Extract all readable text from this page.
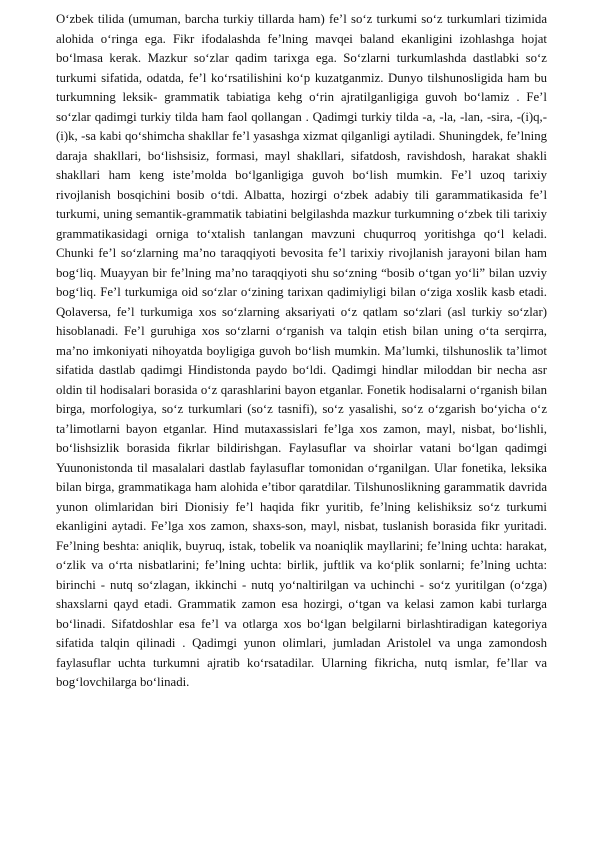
O‘zbek tilida (umuman, barcha turkiy tillarda ham) fe’l so‘z turkumi so‘z turkumlari tizimida alohida o‘ringa ega. Fikr ifodalashda fe’lning mavqei baland ekanligini izohlashga hojat bo‘lmasa kerak. Mazkur so‘zlar qadim tarixga ega. So‘zlarni turkumlashda dastlabki so‘z turkumi sifatida, odatda, fe’l ko‘rsatilishini ko‘p kuzatganmiz. Dunyo tilshunosligida ham bu turkumning leksik- grammatik tabiatiga kehg o‘rin ajratilganligiga guvoh bo‘lamiz . Fe’l so‘zlar qadimgi turkiy tilda ham faol qollangan . Qadimgi turkiy tilda -a, -la, -lan, -sira, -(i)q,-(i)k, -sa kabi qo‘shimcha shakllar fe’l yasashga xizmat qilganligi aytiladi. Shuningdek, fe’lning daraja shakllari, bo‘lishsisiz, formasi, mayl shakllari, sifatdosh, ravishdosh, harakat shakli shakllari ham keng iste’molda bo‘lganligiga guvoh bo‘lish mumkin. Fe’l uzoq tarixiy rivojlanish bosqichini bosib o‘tdi. Albatta, hozirgi o‘zbek adabiy tili garammatikasida fe’l turkumi, uning semantik-grammatik tabiatini belgilashda mazkur turkumning o‘zbek tili tarixiy grammatikasidagi orniga to‘xtalish tanlangan mavzuni chuqurroq yoritishga qo‘l keladi. Chunki fe’l so‘zlarning ma’no taraqqiyoti bevosita fe’l tarixiy rivojlanish jarayoni bilan ham bog‘liq. Muayyan bir fe’lning ma’no taraqqiyoti shu so‘zning “bosib o‘tgan yo‘li” bilan uzviy bog‘liq. Fe’l turkumiga oid so‘zlar o‘zining tarixan qadimiyligi bilan o‘ziga xoslik kasb etadi. Qolaversa, fe’l turkumiga xos so‘zlarning aksariyati o‘z qatlam so‘zlari (asl turkiy so‘zlar) hisoblanadi. Fe’l guruhiga xos so‘zlarni o‘rganish va talqin etish bilan uning o‘ta serqirra, ma’no imkoniyati nihoyatda boyligiga guvoh bo‘lish mumkin. Ma’lumki, tilshunoslik ta’limot sifatida dastlab qadimgi Hindistonda paydo bo‘ldi. Qadimgi hindlar miloddan bir necha asr oldin til hodisalari borasida o‘z qarashlarini bayon etganlar. Fonetik hodisalarni o‘rganish bilan birga, morfologiya, so‘z turkumlari (so‘z tasnifi), so‘z yasalishi, so‘z o‘zgarish bo‘yicha o‘z ta’limotlarni bayon etganlar. Hind mutaxassislari fe’lga xos zamon, mayl, nisbat, bo‘lishli, bo‘lishsizlik borasida fikrlar bildirishgan. Faylasuflar va shoirlar vatani bo‘lgan qadimgi Yuunonistonda til masalalari dastlab faylasuflar tomonidan o‘rganilgan. Ular fonetika, leksika bilan birga, grammatikaga ham alohida e’tibor qaratdilar. Tilshunoslikning garammatik davrida yunon olimlaridan biri Dionisiy fe’l haqida fikr yuritib, fe’lning kelishiksiz so‘z turkumi ekanligini aytadi. Fe’lga xos zamon, shaxs-son, mayl, nisbat, tuslanish borasida fikr yuritadi. Fe’lning beshta: aniqlik, buyruq, istak, tobelik va noaniqlik mayllarini; fe’lning uchta: harakat, o‘zlik va o‘rta nisbatlarini; fe’lning uchta: birlik, juftlik va ko‘plik sonlarni; fe’lning uchta: birinchi - nutq so‘zlagan, ikkinchi - nutq yo‘naltirilgan va uchinchi - so‘z yuritilgan (o‘zga) shaxslarni qayd etadi. Grammatik zamon esa hozirgi, o‘tgan va kelasi zamon kabi turlarga bo‘linadi. Sifatdoshlar esa fe’l va otlarga xos bo‘lgan belgilarni birlashtiradigan kategoriya sifatida talqin qilinadi . Qadimgi yunon olimlari, jumladan Aristolel va unga zamondosh faylasuflar uchta turkumni ajratib ko‘rsatadilar. Ularning fikricha, nutq ismlar, fe’llar va bog‘lovchilarga bo‘linadi.
